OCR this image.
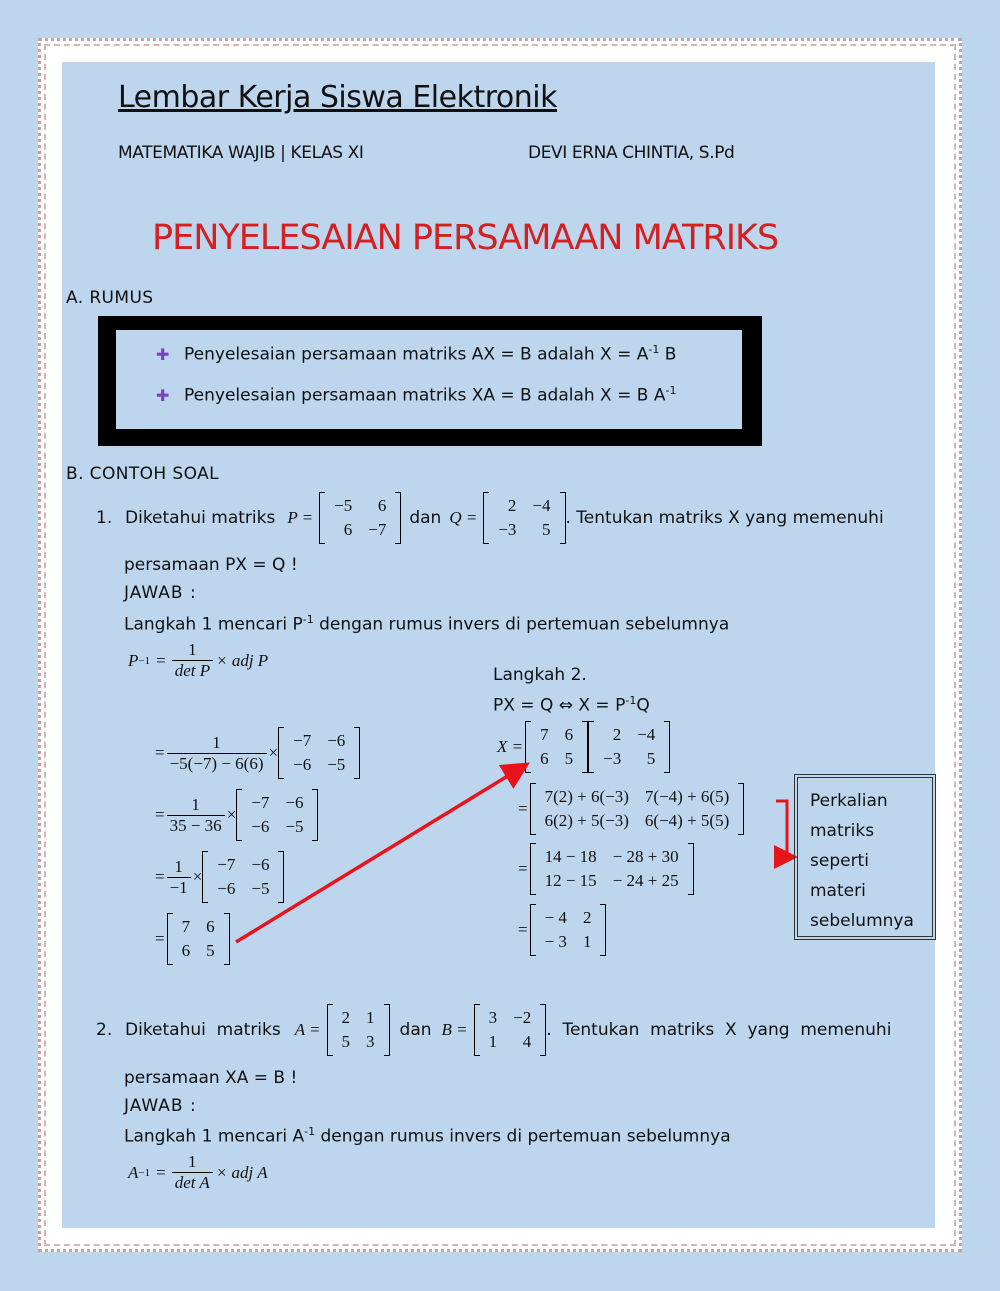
Lembar Kerja Siswa Elektronik
MATEMATIKA WAJIB | KELAS XI	DEVI ERNA CHINTIA, S.Pd
PENYELESAIAN PERSAMAAN MATRIKS
A. RUMUS
✚ Penyelesaian persamaan matriks AX = B adalah $X = A^{-1}$ B
✚ Penyelesaian persamaan matriks XA = B adalah X = B $A^{-1}$
B. CONTOH SOAL
1. Diketahui matriks P =
−5	6
6	−7
dan Q =
2	−4
−3	5
. Tentukan matriks X yang memenuhi
persamaan PX = Q !
JAWAB :
Langkah 1 mencari $P^{-1}$ dengan rumus invers di pertemuan sebelumnya
$P -1 = \frac{1}{\text{det P}}$ × adj P
= $\frac{1}{-5(-7) - 6(6)}$ ×
−7	−6
−6	−5
= $\frac{1}{35 - 36}$ ×
−7	−6
−6	−5
= $\frac{1}{-1}$ ×
−7	−6
−6	−5
=
7	6
6	5
Langkah 2.
PX = Q ⇔ $X = P^{-1}Q$
X =
7	6
6	5
2	−4
−3	5
=
7(2) + 6(−3)	7(−4) + 6(5)
6(2) + 5(−3)	6(−4) + 5(5)
=
14 − 18	− 28 + 30
12 − 15	− 24 + 25
=
− 4	2
− 3	1
Perkalian
matriks
seperti
materi
sebelumnya
2. Diketahui  matriks A =
2	1
5	3
dan B =
3	−2
1	4
.  Tentukan  matriks  X  yang  memenuhi
persamaan XA = B !
JAWAB :
Langkah 1 mencari $A^{-1}$ dengan rumus invers di pertemuan sebelumnya
$A -1 = \frac{1}{\text{det A}}$ × adj A
